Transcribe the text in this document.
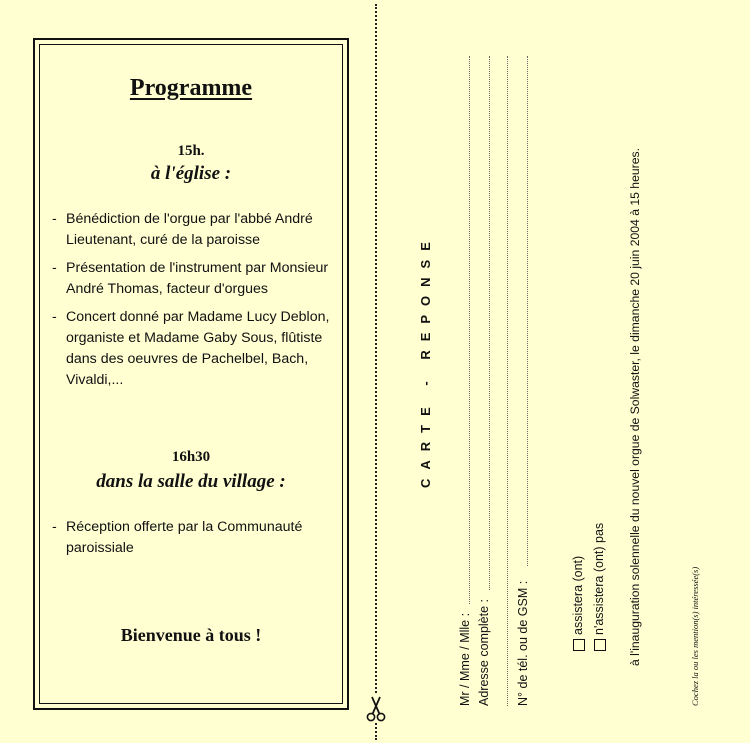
Programme
15h.
à l'église :
- Bénédiction de l'orgue par l'abbé André Lieutenant, curé de la paroisse
- Présentation de l'instrument par Monsieur André Thomas, facteur d'orgues
- Concert donné par Madame Lucy Deblon, organiste et Madame Gaby Sous, flûtiste dans des oeuvres de Pachelbel, Bach, Vivaldi,...
16h30
dans la salle du village :
- Réception offerte par la Communauté paroissiale
Bienvenue à tous !
CARTE - REPONSE
Mr / Mme / Mlle : Adresse complète : N° de tél. ou de GSM :	assistera (ont) n'assistera (ont) pas à l'inauguration solennelle du nouvel orgue de Solwaster, le dimanche 20 juin 2004 à 15 heures.	Cochez la ou les mention(s) intéressée(s)
